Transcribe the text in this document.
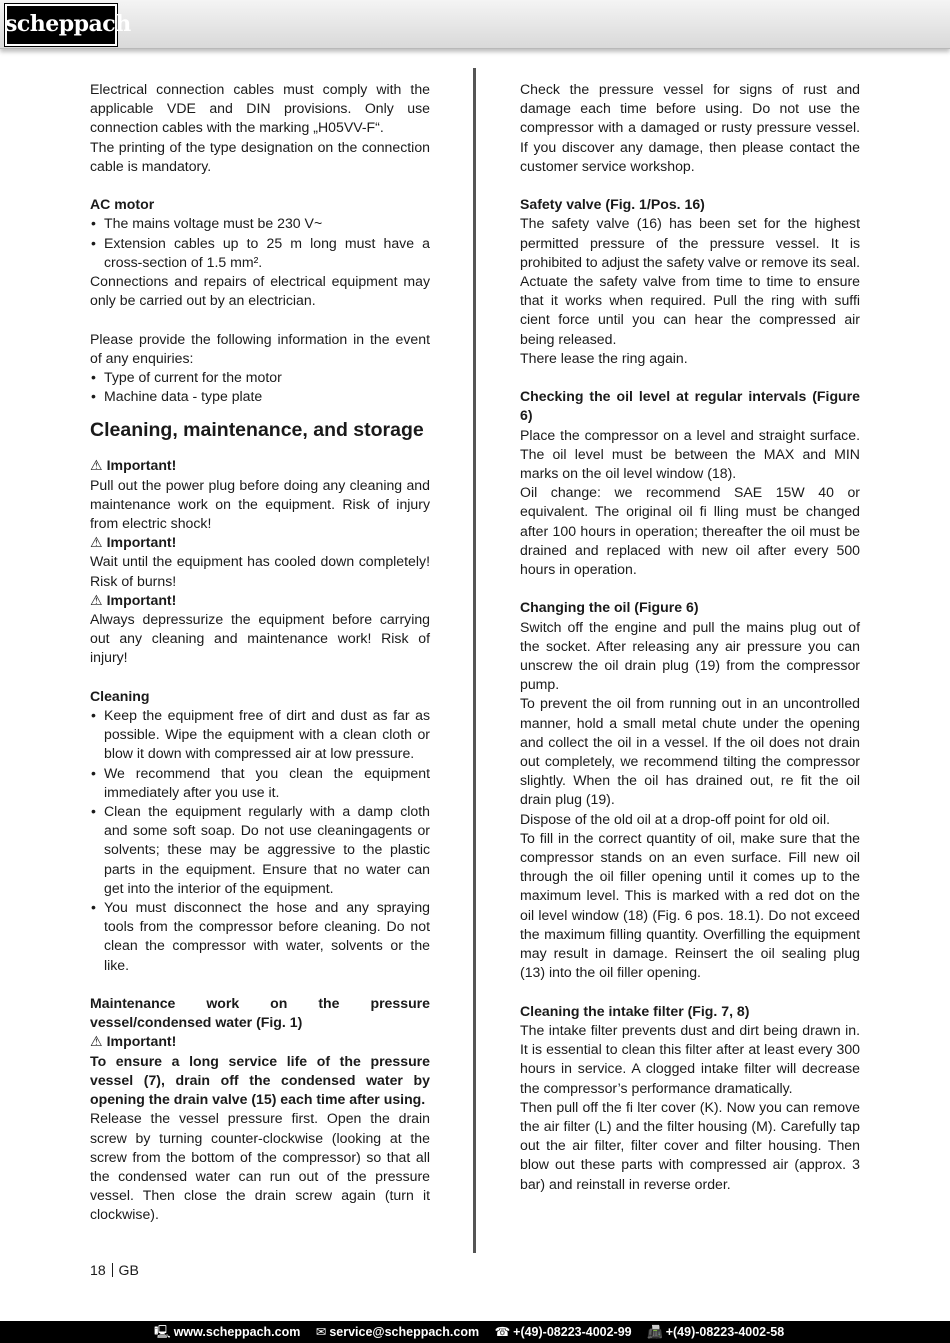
scheppach

Electrical connection cables must comply with the applicable VDE and DIN provisions. Only use connection cables with the marking „H05VV-F“.

The printing of the type designation on the connection cable is mandatory.

AC motor

• The mains voltage must be 230 V~
• Extension cables up to 25 m long must have a cross-section of 1.5 mm².

Connections and repairs of electrical equipment may only be carried out by an electrician.

Please provide the following information in the event of any enquiries:

• Type of current for the motor
• Machine data - type plate

Cleaning, maintenance, and storage

⚠ Important!

Pull out the power plug before doing any cleaning and maintenance work on the equipment. Risk of injury from electric shock!

⚠ Important!

Wait until the equipment has cooled down completely! Risk of burns!

⚠ Important!

Always depressurize the equipment before carrying out any cleaning and maintenance work! Risk of injury!

Cleaning

• Keep the equipment free of dirt and dust as far as possible. Wipe the equipment with a clean cloth or blow it down with compressed air at low pressure.
• We recommend that you clean the equipment immediately after you use it.
• Clean the equipment regularly with a damp cloth and some soft soap. Do not use cleaningagents or solvents; these may be aggressive to the plastic parts in the equipment. Ensure that no water can get into the interior of the equipment.
• You must disconnect the hose and any spraying tools from the compressor before cleaning. Do not clean the compressor with water, solvents or the like.

Maintenance work on the pressure vessel/condensed water (Fig. 1)

⚠ Important!

To ensure a long service life of the pressure vessel (7), drain off the condensed water by opening the drain valve (15) each time after using.

Release the vessel pressure first. Open the drain screw by turning counter-clockwise (looking at the screw from the bottom of the compressor) so that all the condensed water can run out of the pressure vessel. Then close the drain screw again (turn it clockwise).

Check the pressure vessel for signs of rust and damage each time before using. Do not use the compressor with a damaged or rusty pressure vessel. If you discover any damage, then please contact the customer service workshop.

Safety valve (Fig. 1/Pos. 16)

The safety valve (16) has been set for the highest permitted pressure of the pressure vessel. It is prohibited to adjust the safety valve or remove its seal. Actuate the safety valve from time to time to ensure that it works when required. Pull the ring with suffi cient force until you can hear the compressed air being released.

There lease the ring again.

Checking the oil level at regular intervals (Figure 6)

Place the compressor on a level and straight surface. The oil level must be between the MAX and MIN marks on the oil level window (18).

Oil change: we recommend SAE 15W 40 or equivalent. The original oil fi lling must be changed after 100 hours in operation; thereafter the oil must be drained and replaced with new oil after every 500 hours in operation.

Changing the oil (Figure 6)

Switch off the engine and pull the mains plug out of the socket. After releasing any air pressure you can unscrew the oil drain plug (19) from the compressor pump.

To prevent the oil from running out in an uncontrolled manner, hold a small metal chute under the opening and collect the oil in a vessel. If the oil does not drain out completely, we recommend tilting the compressor slightly. When the oil has drained out, re fit the oil drain plug (19).

Dispose of the old oil at a drop-off point for old oil.

To fill in the correct quantity of oil, make sure that the compressor stands on an even surface. Fill new oil through the oil filler opening until it comes up to the maximum level. This is marked with a red dot on the oil level window (18) (Fig. 6 pos. 18.1). Do not exceed the maximum filling quantity. Overfilling the equipment may result in damage. Reinsert the oil sealing plug (13) into the oil filler opening.

Cleaning the intake filter (Fig. 7, 8)

The intake filter prevents dust and dirt being drawn in. It is essential to clean this filter after at least every 300 hours in service. A clogged intake filter will decrease the compressor’s performance dramatically.

Then pull off the fi lter cover (K). Now you can remove the air filter (L) and the filter housing (M). Carefully tap out the air filter, filter cover and filter housing. Then blow out these parts with compressed air (approx. 3 bar) and reinstall in reverse order.

18 GB
🖳 www.scheppach.com ✉ service@scheppach.com ☎ +(49)-08223-4002-99 📠 +(49)-08223-4002-58
